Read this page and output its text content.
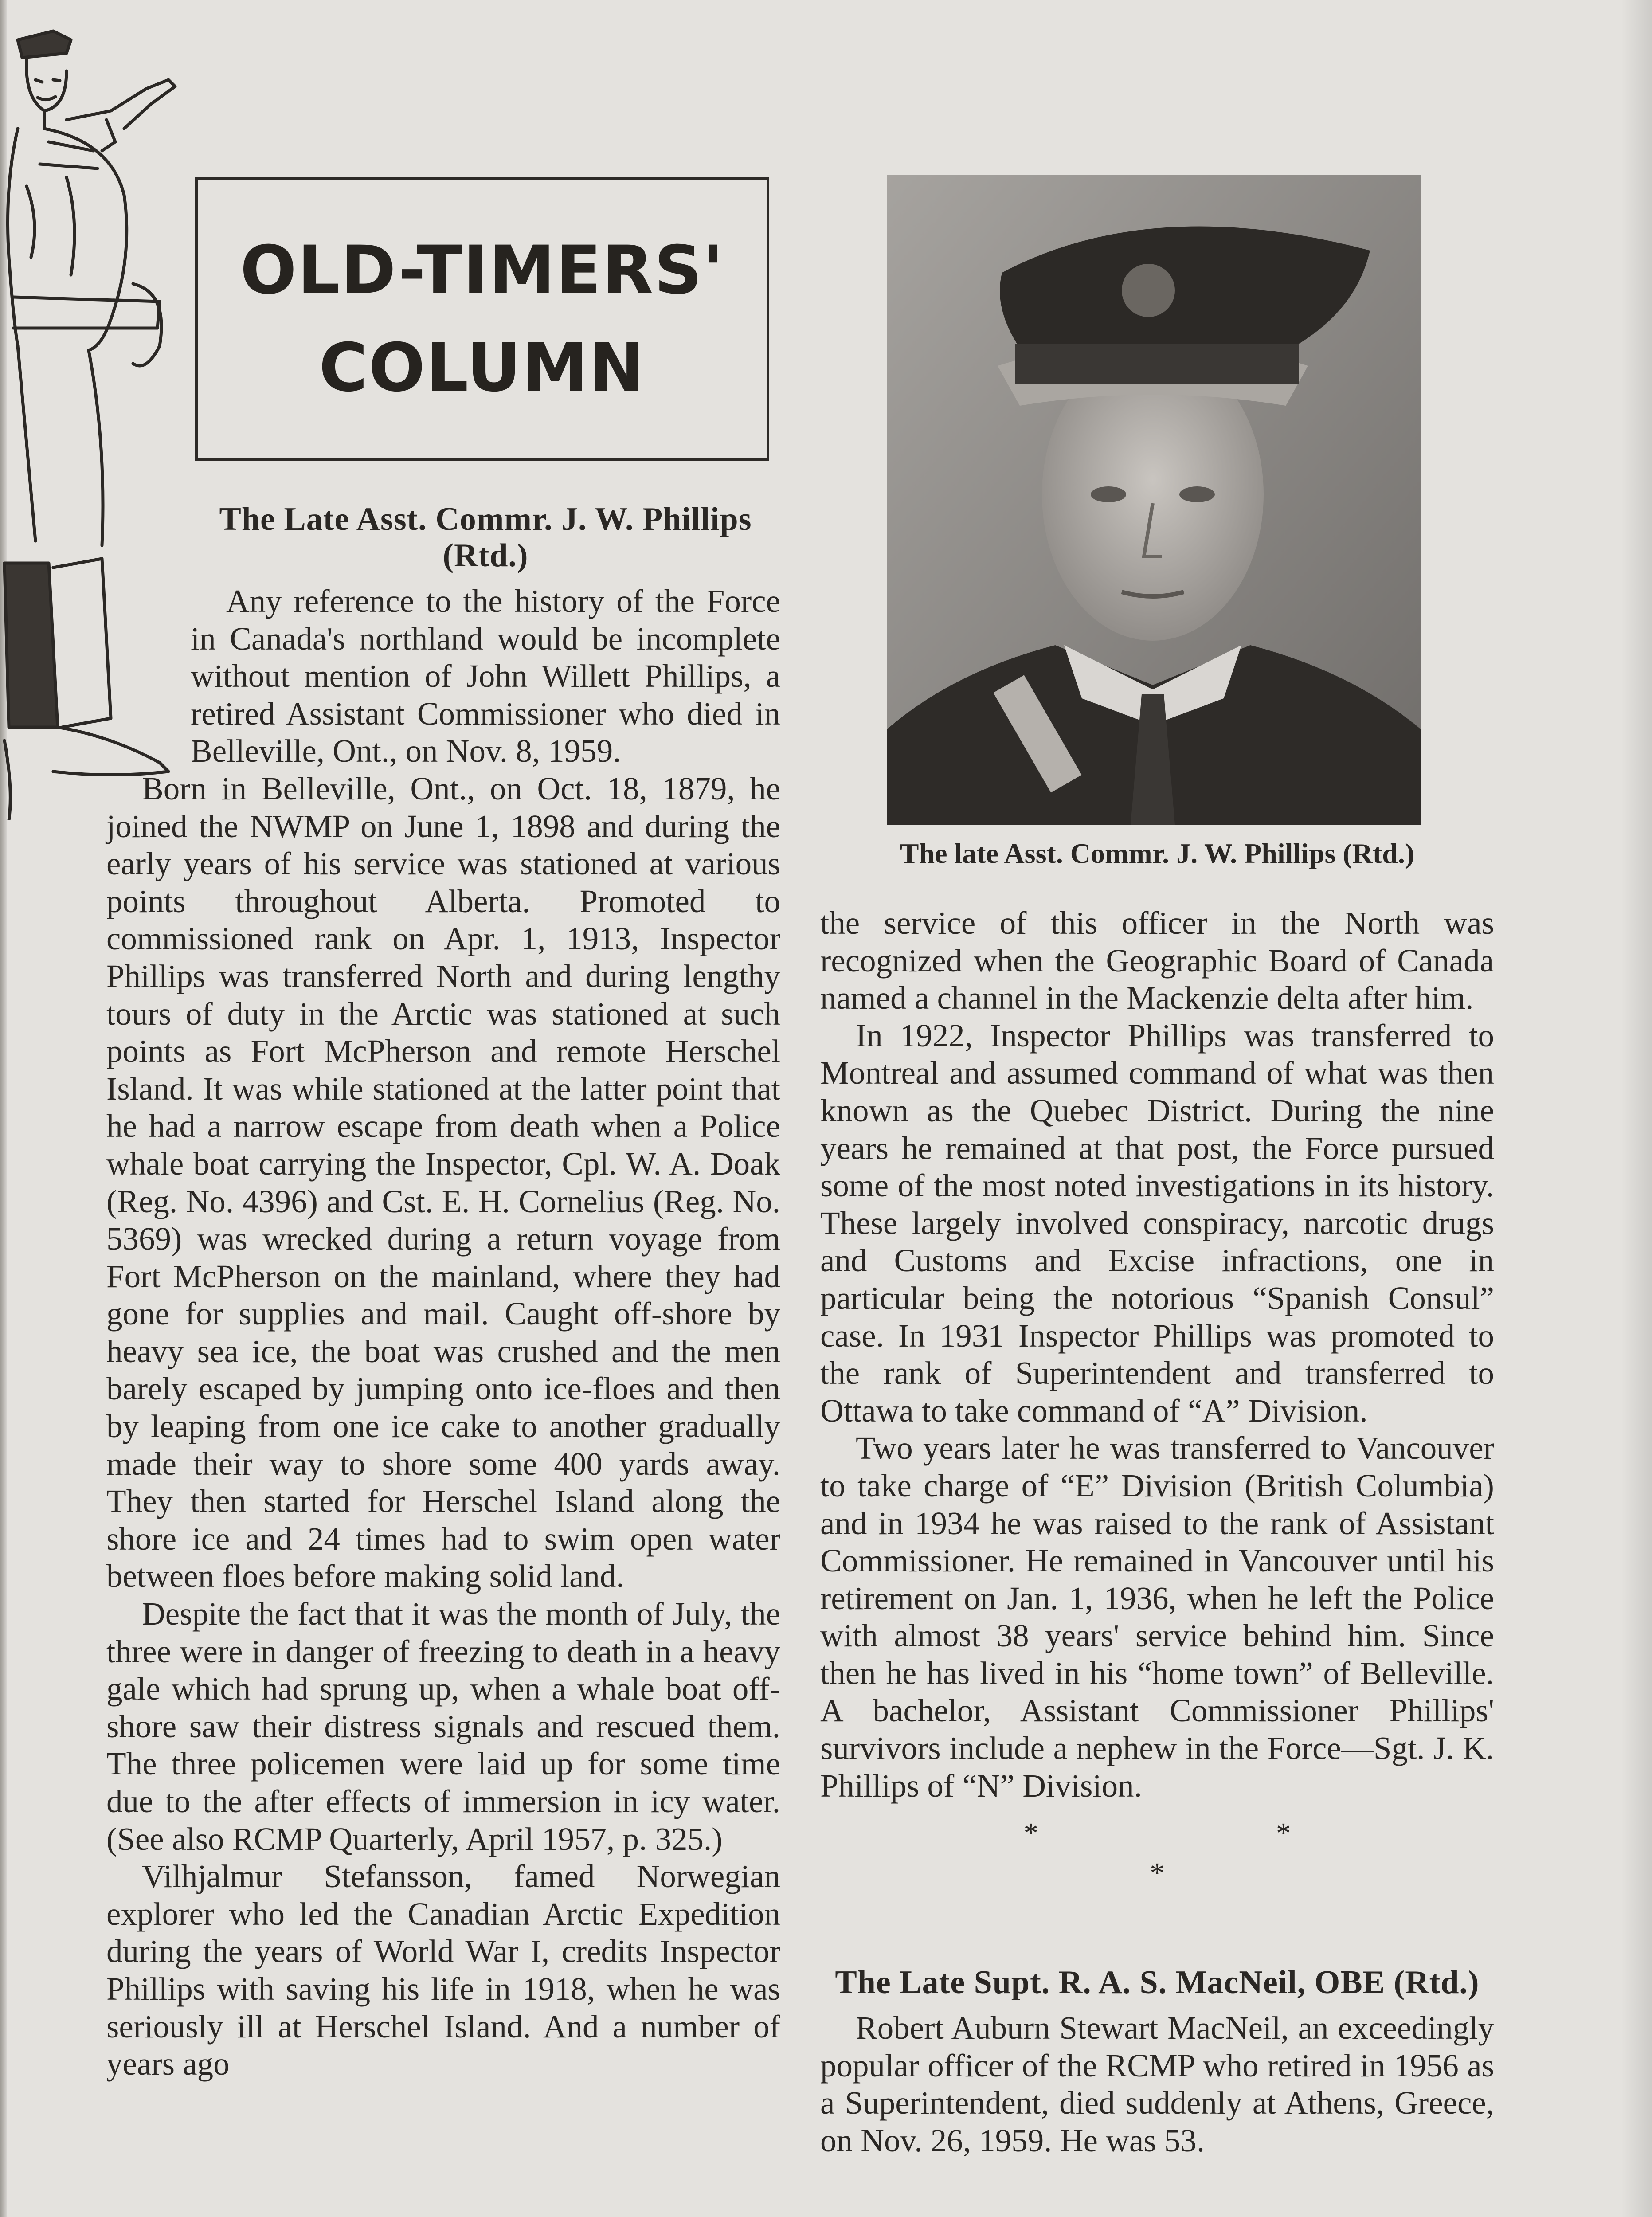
OLD-TIMERS'
COLUMN
The Late Asst. Commr. J. W. Phillips (Rtd.)

Any reference to the history of the Force in Canada's northland would be incomplete without mention of John Willett Phillips, a retired Assistant Commissioner who died in Belleville, Ont., on Nov. 8, 1959.

Born in Belleville, Ont., on Oct. 18, 1879, he joined the NWMP on June 1, 1898 and during the early years of his service was stationed at various points throughout Alberta. Promoted to commissioned rank on Apr. 1, 1913, Inspector Phillips was transferred North and during lengthy tours of duty in the Arctic was stationed at such points as Fort McPherson and remote Herschel Island. It was while stationed at the latter point that he had a narrow escape from death when a Police whale boat carrying the Inspector, Cpl. W. A. Doak (Reg. No. 4396) and Cst. E. H. Cornelius (Reg. No. 5369) was wrecked during a return voyage from Fort McPherson on the mainland, where they had gone for supplies and mail. Caught off-shore by heavy sea ice, the boat was crushed and the men barely escaped by jumping onto ice-floes and then by leaping from one ice cake to another gradually made their way to shore some 400 yards away. They then started for Herschel Island along the shore ice and 24 times had to swim open water between floes before making solid land.

Despite the fact that it was the month of July, the three were in danger of freezing to death in a heavy gale which had sprung up, when a whale boat off-shore saw their distress signals and rescued them. The three policemen were laid up for some time due to the after effects of immersion in icy water. (See also RCMP Quarterly, April 1957, p. 325.)

Vilhjalmur Stefansson, famed Norwegian explorer who led the Canadian Arctic Expedition during the years of World War I, credits Inspector Phillips with saving his life in 1918, when he was seriously ill at Herschel Island. And a number of years ago

The late Asst. Commr. J. W. Phillips (Rtd.)

the service of this officer in the North was recognized when the Geographic Board of Canada named a channel in the Mackenzie delta after him.

In 1922, Inspector Phillips was transferred to Montreal and assumed command of what was then known as the Quebec District. During the nine years he remained at that post, the Force pursued some of the most noted investigations in its history. These largely involved conspiracy, narcotic drugs and Customs and Excise infractions, one in particular being the notorious “Spanish Consul” case. In 1931 Inspector Phillips was promoted to the rank of Superintendent and transferred to Ottawa to take command of “A” Division.

Two years later he was transferred to Vancouver to take charge of “E” Division (British Columbia) and in 1934 he was raised to the rank of Assistant Commissioner. He remained in Vancouver until his retirement on Jan. 1, 1936, when he left the Police with almost 38 years' service behind him. Since then he has lived in his “home town” of Belleville. A bachelor, Assistant Commissioner Phillips' survivors include a nephew in the Force—Sgt. J. K. Phillips of “N” Division.

* * *
The Late Supt. R. A. S. MacNeil, OBE (Rtd.)

Robert Auburn Stewart MacNeil, an exceedingly popular officer of the RCMP who retired in 1956 as a Superintendent, died suddenly at Athens, Greece, on Nov. 26, 1959. He was 53.
